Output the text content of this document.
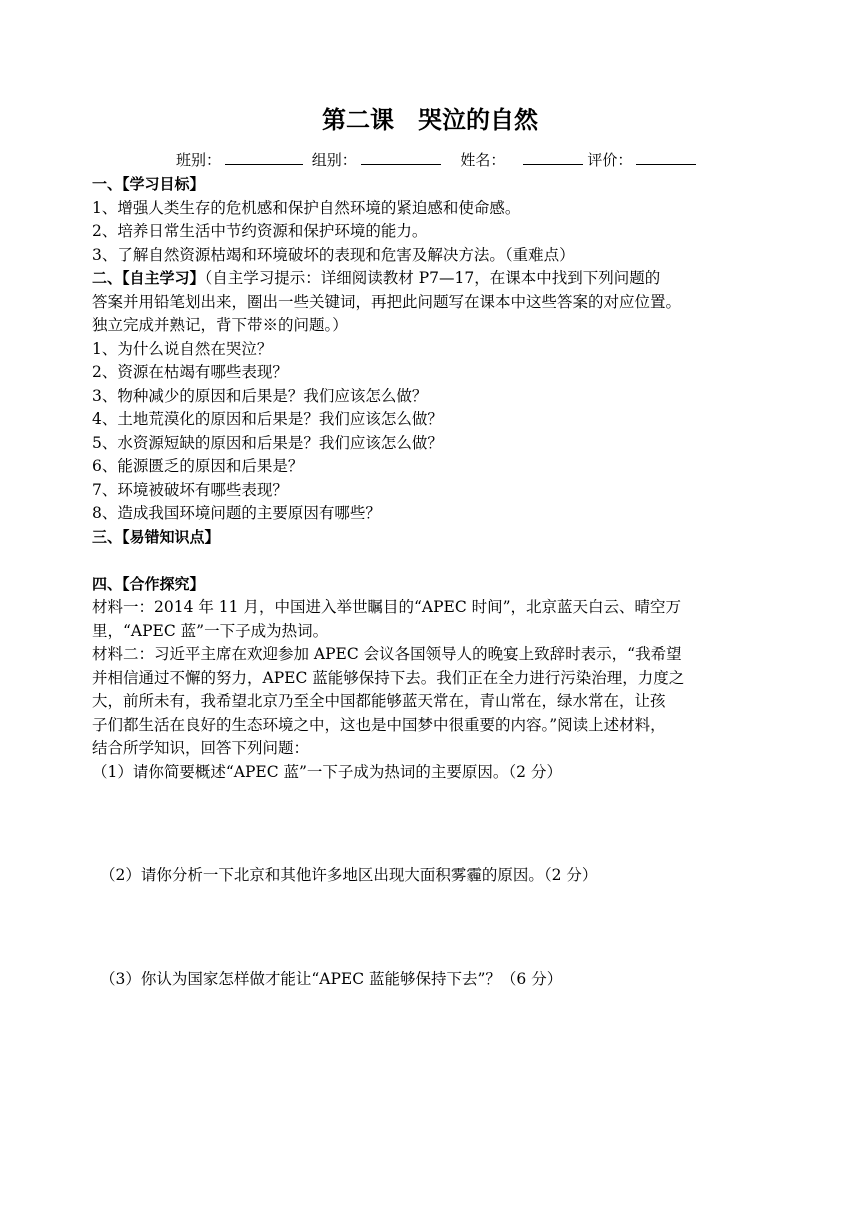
第二课　哭泣的自然
班别：	组别：	姓名：	评价：
一、【学习目标】
1、增强人类生存的危机感和保护自然环境的紧迫感和使命感。
2、培养日常生活中节约资源和保护环境的能力。
3、了解自然资源枯竭和环境破坏的表现和危害及解决方法。（重难点）
二、【自主学习】（自主学习提示：详细阅读教材 P7—17，在课本中找到下列问题的
答案并用铅笔划出来，圈出一些关键词，再把此问题写在课本中这些答案的对应位置。
独立完成并熟记，背下带※的问题。）
1、为什么说自然在哭泣？
2、资源在枯竭有哪些表现？
3、物种减少的原因和后果是？我们应该怎么做？
4、土地荒漠化的原因和后果是？我们应该怎么做？
5、水资源短缺的原因和后果是？我们应该怎么做？
6、能源匮乏的原因和后果是？
7、环境被破坏有哪些表现？
8、造成我国环境问题的主要原因有哪些？
三、【易错知识点】
四、【合作探究】
材料一：2014 年 11 月，中国进入举世瞩目的“APEC 时间”，北京蓝天白云、晴空万
里，“APEC 蓝”一下子成为热词。
材料二：习近平主席在欢迎参加 APEC 会议各国领导人的晚宴上致辞时表示，“我希望
并相信通过不懈的努力，APEC 蓝能够保持下去。我们正在全力进行污染治理，力度之
大，前所未有，我希望北京乃至全中国都能够蓝天常在，青山常在，绿水常在，让孩
子们都生活在良好的生态环境之中，这也是中国梦中很重要的内容。”阅读上述材料，
结合所学知识，回答下列问题：
（1）请你简要概述“APEC 蓝”一下子成为热词的主要原因。（2 分）
（2）请你分析一下北京和其他许多地区出现大面积雾霾的原因。（2 分）
（3）你认为国家怎样做才能让“APEC 蓝能够保持下去”？（6 分）
